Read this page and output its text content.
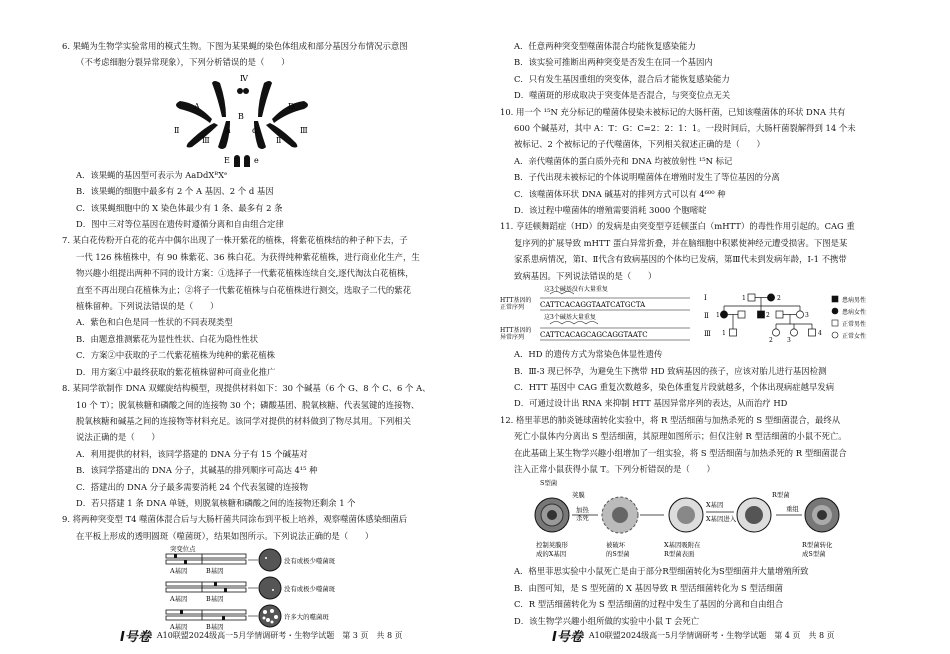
6. 果蝇为生物学实验常用的模式生物。下图为某果蝇的染色体组成和部分基因分布情况示意图
（不考虑细胞分裂异常现象），下列分析错误的是（　　）
Ⅳ
A	D
Ⅱ	Ⅲ
Ⅲ	Ⅱ
a	d
E	e
B
A．该果蝇的基因型可表示为 AaDdXᴮXᵉ
B．该果蝇的细胞中最多有 2 个 A 基因、2 个 d 基因
C．该果蝇细胞中的 X 染色体最少有 1 条、最多有 2 条
D．图中三对等位基因在遗传时遵循分离和自由组合定律
7. 某白花传粉开白花的花卉中偶尔出现了一株开紫花的植株，将紫花植株结的种子种下去，子
一代 126 株植株中，有 90 株紫花、36 株白花。为获得纯种紫花植株，进行商业化生产，生
物兴趣小组提出两种不同的设计方案：①选择子一代紫花植株连续自交,逐代淘汰白花植株，
直至不再出现白花植株为止；②将子一代紫花植株与白花植株进行测交，选取子二代的紫花
植株留种。下列说法错误的是（　　）
A．紫色和白色是同一性状的不同表现类型
B．由题意推测紫花为显性性状、白花为隐性性状
C．方案②中获取的子二代紫花植株为纯种的紫花植株
D．用方案①中最终获取的紫花植株留种可商业化推广
8. 某同学欲制作 DNA 双螺旋结构模型，现提供材料如下：30 个碱基（6 个 G、8 个 C、6 个 A、
10 个 T）；脱氧核糖和磷酸之间的连接物 30 个；磷酸基团、脱氧核糖、代表氢键的连接物、
脱氧核糖和碱基之间的连接物等材料充足。该同学对提供的材料做到了物尽其用。下列相关
说法正确的是（　　）
A．利用提供的材料，该同学搭建的 DNA 分子有 15 个碱基对
B．该同学搭建出的 DNA 分子，其碱基的排列顺序可高达 4¹⁵ 种
C．搭建出的 DNA 分子最多需要消耗 24 个代表氢键的连接物
D．若只搭建 1 条 DNA 单链，则脱氧核糖和磷酸之间的连接物还剩余 1 个
9. 将两种突变型 T4 噬菌体混合后与大肠杆菌共同涂布到平板上培养，观察噬菌体感染细菌后
在平板上形成的透明圆斑（噬菌斑），结果如图所示。下列说法正确的是（　　）
突变位点
A基因	B基因
A基因	B基因
A基因	B基因
没有或极少噬菌斑
没有或极少噬菌斑
许多大的噬菌斑
I号卷 A10联盟2024级高一5月学情调研考・生物学试题　第 3 页　共 8 页
A．任意两种突变型噬菌体混合均能恢复感染能力
B．该实验可推断出两种突变是否发生在同一个基因内
C．只有发生基因重组的突变体，混合后才能恢复感染能力
D．噬菌斑的形成取决于突变体是否混合，与突变位点无关
10. 用一个 ¹⁵N 充分标记的噬菌体侵染未被标记的大肠杆菌，已知该噬菌体的环状 DNA 共有
600 个碱基对，其中 A：T：G：C=2：2：1：1。一段时间后，大肠杆菌裂解得到 14 个未
被标记、2 个被标记的子代噬菌体，下列相关叙述正确的是（　　）
A．亲代噬菌体的蛋白质外壳和 DNA 均被放射性 ¹⁵N 标记
B．子代出现未被标记的个体说明噬菌体在增殖时发生了等位基因的分离
C．该噬菌体环状 DNA 碱基对的排列方式可以有 4⁶⁰⁰ 种
D．该过程中噬菌体的增殖需要消耗 3000 个胞嘧啶
11. 亨廷顿舞蹈症（HD）的发病是由突变型亨廷顿蛋白（mHTT）的毒性作用引起的。CAG 重
复序列的扩展导致 mHTT 蛋白异常折叠，并在脑细胞中积累使神经元遭受损害。下图是某
家系患病情况，第Ⅰ、Ⅱ代含有致病基因的个体均已发病，第Ⅲ代未到发病年龄，Ⅰ-1 不携带
致病基因。下列说法错误的是（　　）
这3个碱基没有大量重复
HTT基因的
正常序列 CATTCACAGGTAATCATGCTA
这3个碱基大量重复
HTT基因的
异常序列 CATTCACAGCAGCAGGTAATC
Ⅰ
Ⅱ
Ⅲ
1	2
1	2	3
1
2 3
4
患病男性
患病女性
正常男性
正常女性
A．HD 的遗传方式为常染色体显性遗传
B．Ⅲ-3 现已怀孕，为避免生下携带 HD 致病基因的孩子，应该对胎儿进行基因检测
C．HTT 基因中 CAG 重复次数越多，染色体重复片段就越多，个体出现病症越早发病
D．可通过设计出 RNA 来抑制 HTT 基因异常序列的表达，从而治疗 HD
12. 格里菲思的肺炎链球菌转化实验中，将 R 型活细菌与加热杀死的 S 型细菌混合，最终从
死亡小鼠体内分离出 S 型活细菌，其原理如图所示；但仅注射 R 型活细菌的小鼠不死亡。
在此基础上某生物学兴趣小组增加了一组实验，将 S 型活细菌与加热杀死的 R 型细菌混合
注入正常小鼠获得小鼠 T。下列分析错误的是（　　）
S型菌
荚膜
加热
杀死
X基因
X基因进入
R型菌
重组
控制荚膜形
成的X基因
被破坏
的S型菌
X基因吸附在
R型菌表面
R型菌转化
成S型菌
A．格里菲思实验中小鼠死亡是由于部分R型细菌转化为S型细菌并大量增殖所致
B．由图可知，是 S 型死菌的 X 基因导致 R 型活细菌转化为 S 型活细菌
C．R 型活细菌转化为 S 型活细菌的过程中发生了基因的分离和自由组合
D．该生物学兴趣小组所做的实验中小鼠 T 会死亡
I号卷 A10联盟2024级高一5月学情调研考・生物学试题　第 4 页　共 8 页
